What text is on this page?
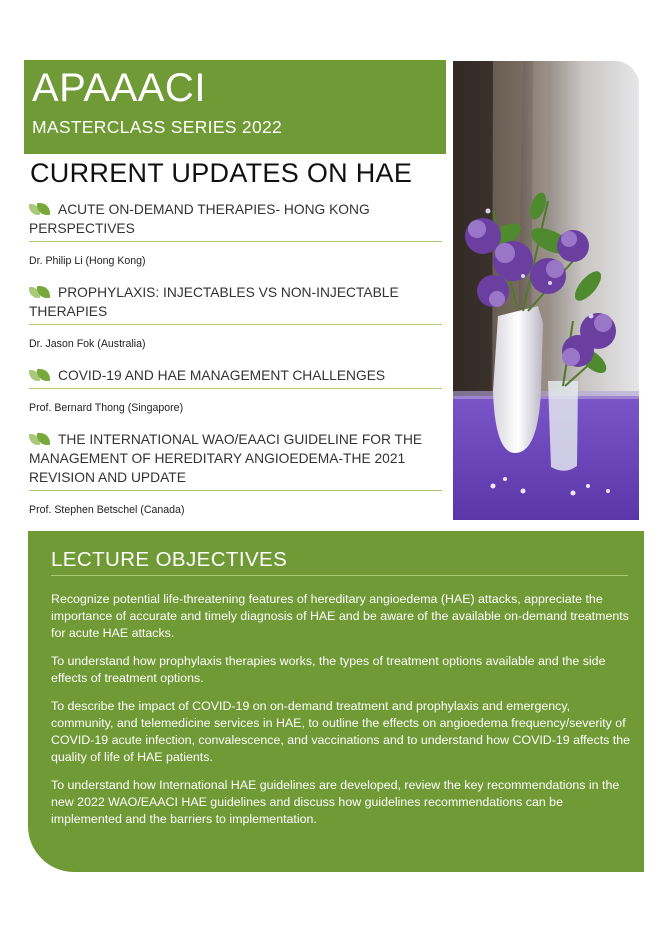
APAAACI
MASTERCLASS SERIES 2022
CURRENT UPDATES ON HAE
ACUTE ON-DEMAND THERAPIES- HONG KONG PERSPECTIVES
Dr. Philip Li (Hong Kong)
PROPHYLAXIS: INJECTABLES VS NON-INJECTABLE THERAPIES
Dr. Jason Fok (Australia)
COVID-19 AND HAE MANAGEMENT CHALLENGES
Prof. Bernard Thong (Singapore)
THE INTERNATIONAL WAO/EAACI GUIDELINE FOR THE MANAGEMENT OF HEREDITARY ANGIOEDEMA-THE 2021 REVISION AND UPDATE
Prof. Stephen Betschel (Canada)
LECTURE OBJECTIVES
Recognize potential life-threatening features of hereditary angioedema (HAE) attacks, appreciate the importance of accurate and timely diagnosis of HAE and be aware of the available on-demand treatments for acute HAE attacks.
To understand how prophylaxis therapies works, the types of treatment options available and the side effects of treatment options.
To describe the impact of COVID-19 on on-demand treatment and prophylaxis and emergency, community, and telemedicine services in HAE, to outline the effects on angioedema frequency/severity of COVID-19 acute infection, convalescence, and vaccinations and to understand how COVID-19 affects the quality of life of HAE patients.
To understand how International HAE guidelines are developed, review the key recommendations in the new 2022 WAO/EAACI HAE guidelines and discuss how guidelines recommendations can be implemented and the barriers to implementation.
